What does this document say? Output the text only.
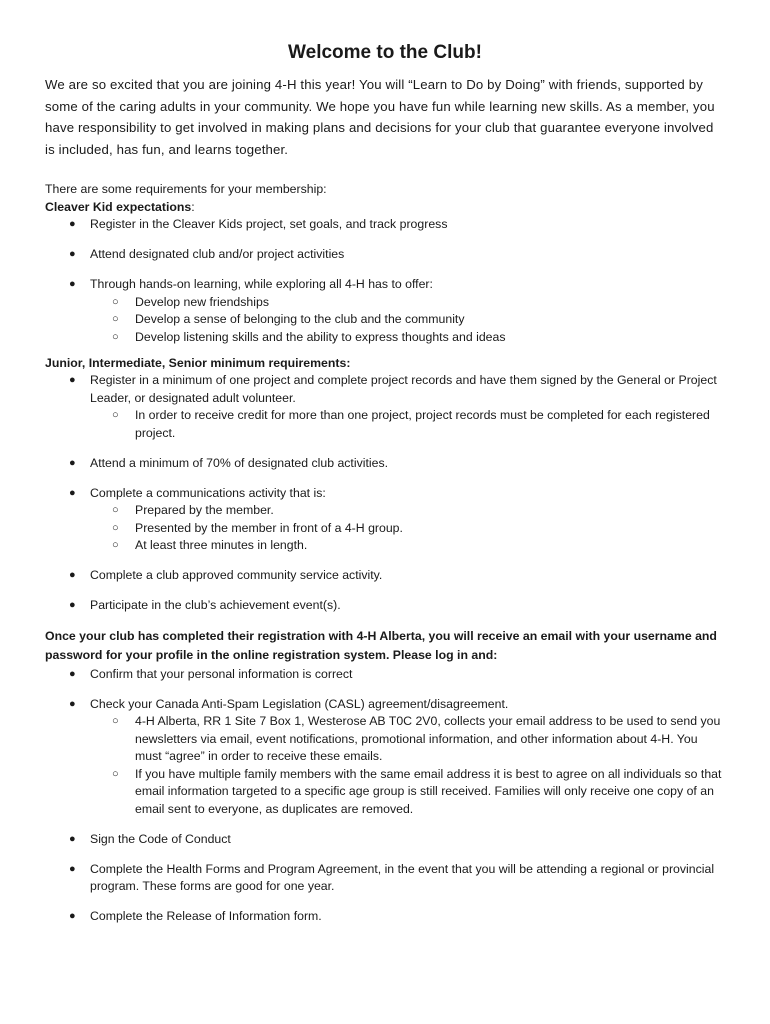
Welcome to the Club!

We are so excited that you are joining 4-H this year! You will “Learn to Do by Doing” with friends, supported by some of the caring adults in your community. We hope you have fun while learning new skills. As a member, you have responsibility to get involved in making plans and decisions for your club that guarantee everyone involved is included, has fun, and learns together.

There are some requirements for your membership:

Cleaver Kid expectations:

● Register in the Cleaver Kids project, set goals, and track progress
● Attend designated club and/or project activities
● Through hands-on learning, while exploring all 4-H has to offer:
○ Develop new friendships
○ Develop a sense of belonging to the club and the community
○ Develop listening skills and the ability to express thoughts and ideas

Junior, Intermediate, Senior minimum requirements:

● Register in a minimum of one project and complete project records and have them signed by the General or Project Leader, or designated adult volunteer.
○ In order to receive credit for more than one project, project records must be completed for each registered project.
● Attend a minimum of 70% of designated club activities.
● Complete a communications activity that is:
○ Prepared by the member.
○ Presented by the member in front of a 4-H group.
○ At least three minutes in length.
● Complete a club approved community service activity.
● Participate in the club’s achievement event(s).

Once your club has completed their registration with 4-H Alberta, you will receive an email with your username and password for your profile in the online registration system. Please log in and:

● Confirm that your personal information is correct
● Check your Canada Anti-Spam Legislation (CASL) agreement/disagreement.
○ 4-H Alberta, RR 1 Site 7 Box 1, Westerose AB T0C 2V0, collects your email address to be used to send you newsletters via email, event notifications, promotional information, and other information about 4-H. You must “agree” in order to receive these emails.
○ If you have multiple family members with the same email address it is best to agree on all individuals so that email information targeted to a specific age group is still received. Families will only receive one copy of an email sent to everyone, as duplicates are removed.
● Sign the Code of Conduct
● Complete the Health Forms and Program Agreement, in the event that you will be attending a regional or provincial program. These forms are good for one year.
● Complete the Release of Information form.
